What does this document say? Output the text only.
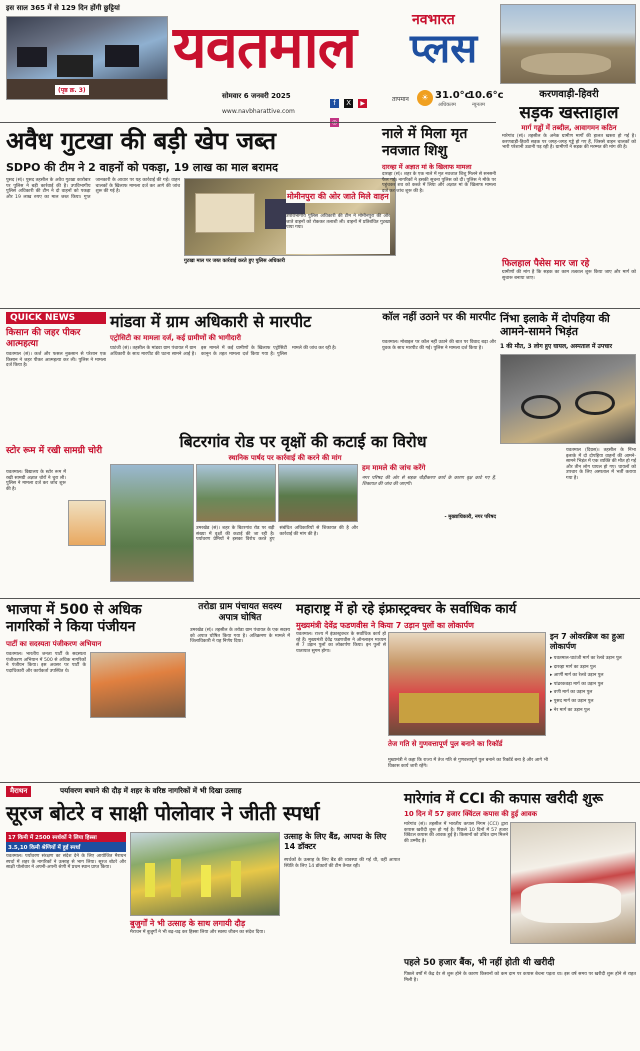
इस साल 365 में से 129 दिन होंगी छुट्टियां
(पृष्ठ क्र. 3)
यवतमाल	नवभारत
प्लस
सोमवार 6 जनवरी 2025
f X ▶
www.navbharattive.com
तापमान	☀ 31.0°c
अधिकतम
10.6°c
न्यूनतम
करणवाड़ी-हिवरी
सड़क खस्ताहाल
मार्ग गड्ढों में तब्दील, आवागमन कठिन
मारेगांव (सं)। तहसील के अनेक ग्रामीण मार्गों की हालत खस्ता हो गई है। करणवाड़ी-हिवरी सड़क पर जगह-जगह गड्ढे हो गए हैं, जिससे वाहन चालकों को भारी परेशानी उठानी पड़ रही है। ग्रामीणों ने सड़क की मरम्मत की मांग की है।
फिलहाल पैसेस मार जा रहे
ग्रामीणों की मांग है कि सड़क का काम तत्काल शुरू किया जाए और मार्ग को सुचारू बनाया जाए।
अवैध गुटखा की बड़ी खेप जब्त
SDPO की टीम ने 2 वाहनों को पकड़ा, 19 लाख का माल बरामद
पुसद (सं)। पुसद तहसील के अवैध गुटखा कारोबार पर पुलिस ने बड़ी कार्रवाई की है। उपविभागीय पुलिस अधिकारी की टीम ने दो वाहनों को पकड़ा और 19 लाख रुपए का माल जब्त किया। गुप्त जानकारी के आधार पर यह कार्रवाई की गई। वाहन चालकों के खिलाफ मामला दर्ज कर आगे की जांच शुरू की गई है।
मोमीनपुरा की ओर जाते मिले वाहन
उपविभागीय पुलिस अधिकारी की टीम ने मोमीनपुरा की ओर जाते वाहनों को रोककर तलाशी ली। वाहनों में प्रतिबंधित गुटखा पाया गया।
गुटखा माल पर जब्त कार्रवाई करते हुए पुलिस अधिकारी
नाले में मिला मृत नवजात शिशु
दारव्हा में अज्ञात मां के खिलाफ मामला
दारव्हा (सं)। शहर के एक नाले में मृत नवजात शिशु मिलने से सनसनी फैल गई। नागरिकों ने इसकी सूचना पुलिस को दी। पुलिस ने मौके पर पहुंचकर शव को कब्जे में लिया और अज्ञात मां के खिलाफ मामला दर्ज कर जांच शुरू की है।
QUICK NEWS
किसान की जहर पीकर आत्महत्या
यवतमाल (सं)। कर्ज और फसल नुकसान से परेशान एक किसान ने जहर पीकर आत्महत्या कर ली। पुलिस ने मामला दर्ज किया है।
स्टोर रूम में रखी सामग्री चोरी
यवतमाल। विद्यालय के स्टोर रूम में रखी सामग्री अज्ञात चोरों ने चुरा ली। पुलिस ने मामला दर्ज कर जांच शुरू की है।
मांडवा में ग्राम अधिकारी से मारपीट
एट्रोसिटी का मामला दर्ज, कई ग्रामीणों की भागीदारी
घाटंजी (सं)। तहसील के मांडवा ग्राम पंचायत में ग्राम अधिकारी के साथ मारपीट की घटना सामने आई है। इस मामले में कई ग्रामीणों के खिलाफ एट्रोसिटी कानून के तहत मामला दर्ज किया गया है। पुलिस मामले की जांच कर रही है।
कॉल नहीं उठाने पर की मारपीट
यवतमाल। मोबाइल पर कॉल नहीं उठाने की बात पर विवाद बढ़ा और युवक के साथ मारपीट की गई। पुलिस ने मामला दर्ज किया है।
निंभा इलाके में दोपहिया की आमने-सामने भिड़ंत
1 की मौत, 3 लोग हुए घायल, अस्पताल में उपचार
यवतमाल (दिग्रस)। तहसील के निंभा इलाके में दो दोपहिया वाहनों की आमने-सामने भिड़ंत में एक व्यक्ति की मौत हो गई और तीन लोग घायल हो गए। घायलों को उपचार के लिए अस्पताल में भर्ती कराया गया है।
बिटरगांव रोड पर वृक्षों की कटाई का विरोध
स्थानिक पार्षद पर कार्रवाई की करने की मांग
उमरखेड (सं)। शहर के बिटरगांव रोड पर बड़ी संख्या में वृक्षों की कटाई की जा रही है। पर्यावरण प्रेमियों ने इसका विरोध करते हुए संबंधित अधिकारियों से शिकायत की है और कार्रवाई की मांग की है।
हम मामले की जांच करेंगे
नगर परिषद की ओर से सड़क चौड़ीकरण कार्य के कारण वृक्ष काटे गए हैं, शिकायत की जांच की जाएगी।
- मुख्याधिकारी, नगर परिषद
भाजपा में 500 से अधिक नागरिकों ने किया पंजीयन
पार्टी का सदस्यता पंजीकरण अभियान
यवतमाल। भारतीय जनता पार्टी के सदस्यता पंजीकरण अभियान में 500 से अधिक नागरिकों ने पंजीयन किया। इस अवसर पर पार्टी के पदाधिकारी और कार्यकर्ता उपस्थित थे।
तरोडा ग्राम पंचायत सदस्य अपात्र घोषित
उमरखेड (सं)। तहसील के तरोडा ग्राम पंचायत के एक सदस्य को अपात्र घोषित किया गया है। अतिक्रमण के मामले में जिलाधिकारी ने यह निर्णय दिया।
महाराष्ट्र में हो रहे इंफ्रास्ट्रक्चर के सर्वाधिक कार्य
मुख्यमंत्री देवेंद्र फडणवीस ने किया 7 उड़ान पुलों का लोकार्पण
यवतमाल। राज्य में इंफ्रास्ट्रक्चर के सर्वाधिक कार्य हो रहे हैं। मुख्यमंत्री देवेंद्र फडणवीस ने ऑनलाइन माध्यम से 7 उड़ान पुलों का लोकार्पण किया। इन पुलों से यातायात सुगम होगा।
इन 7 ओवरब्रिज का हुआ लोकार्पण
▸ यवतमाल-घाटंजी मार्ग का रेलवे उड़ान पुल
▸ दारव्हा मार्ग का उड़ान पुल
▸ आर्णी मार्ग का रेलवे उड़ान पुल
▸ पांढरकवड़ा मार्ग का उड़ान पुल
▸ वणी मार्ग का उड़ान पुल
▸ पुसद मार्ग का उड़ान पुल
▸ नेर मार्ग का उड़ान पुल
तेज गति से गुणवत्तापूर्ण पुल बनाने का रिकॉर्ड
मुख्यमंत्री ने कहा कि राज्य में तेज गति से गुणवत्तापूर्ण पुल बनाने का रिकॉर्ड बना है और आगे भी विकास कार्य जारी रहेंगे।
मैराथन	पर्यावरण बचाने की दौड़ में शहर के वरिष्ठ नागरिकों में भी दिखा उत्साह
सूरज बोटरे व साक्षी पोलोवार ने जीती स्पर्धा
17 किमी में 2500 स्पर्धकों ने लिया हिस्सा
3.5,10 किमी श्रेणियों में हुई स्पर्धा
यवतमाल। पर्यावरण संरक्षण का संदेश देने के लिए आयोजित मैराथन स्पर्धा में शहर के नागरिकों ने उत्साह से भाग लिया। सूरज बोटरे और साक्षी पोलोवार ने अपनी-अपनी श्रेणी में प्रथम स्थान प्राप्त किया।
बुजुर्गों ने भी उत्साह के साथ लगायी दौड़
मैराथन में बुजुर्गों ने भी बढ़-चढ़ कर हिस्सा लिया और स्वस्थ जीवन का संदेश दिया।
उत्साह के लिए बैंड, आपदा के लिए 14 डॉक्टर
स्पर्धकों के उत्साह के लिए बैंड की व्यवस्था की गई थी, वहीं आपात स्थिति के लिए 14 डॉक्टरों की टीम तैनात रही।
मारेगांव में CCI की कपास खरीदी शुरू
10 दिन में 57 हजार क्विंटल कपास की हुई आवक
मारेगांव (सं)। तहसील में भारतीय कपास निगम (CCI) द्वारा कपास खरीदी शुरू हो गई है। पिछले 10 दिनों में 57 हजार क्विंटल कपास की आवक हुई है। किसानों को उचित दाम मिलने की उम्मीद है।
पहले 50 हजार बैंक, भी नहीं होती थी खरीदी
पिछले वर्षों में केंद्र देर से शुरू होने के कारण किसानों को कम दाम पर कपास बेचना पड़ता था। इस वर्ष समय पर खरीदी शुरू होने से राहत मिली है।
